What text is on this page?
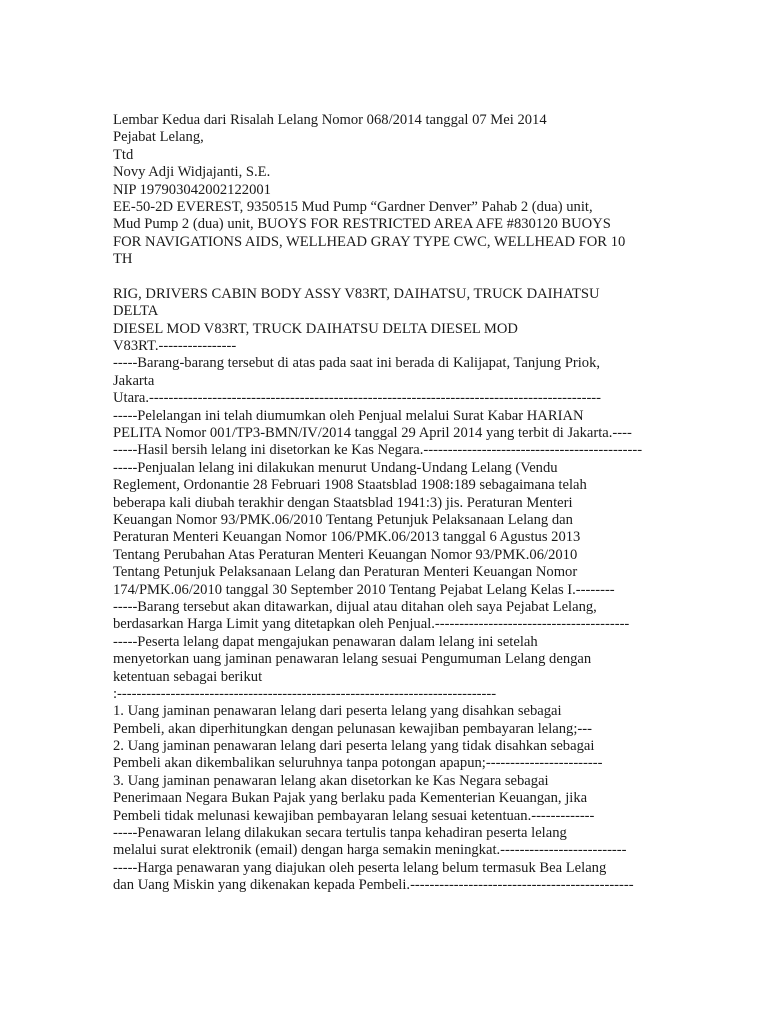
Lembar Kedua dari Risalah Lelang Nomor 068/2014 tanggal 07 Mei 2014
Pejabat Lelang,
Ttd
Novy Adji Widjajanti, S.E.
NIP 197903042002122001
EE-50-2D EVEREST, 9350515 Mud Pump “Gardner Denver” Pahab 2 (dua) unit,
Mud Pump 2 (dua) unit, BUOYS FOR RESTRICTED AREA AFE #830120 BUOYS
FOR NAVIGATIONS AIDS, WELLHEAD GRAY TYPE CWC, WELLHEAD FOR 10
TH
RIG, DRIVERS CABIN BODY ASSY V83RT, DAIHATSU, TRUCK DAIHATSU
DELTA
DIESEL MOD V83RT, TRUCK DAIHATSU DELTA DIESEL MOD
V83RT.----------------
-----Barang-barang tersebut di atas pada saat ini berada di Kalijapat, Tanjung Priok,
Jakarta
Utara.---------------------------------------------------------------------------------------------
-----Pelelangan ini telah diumumkan oleh Penjual melalui Surat Kabar HARIAN
PELITA Nomor 001/TP3-BMN/IV/2014 tanggal 29 April 2014 yang terbit di Jakarta.----
-----Hasil bersih lelang ini disetorkan ke Kas Negara.---------------------------------------------
-----Penjualan lelang ini dilakukan menurut Undang-Undang Lelang (Vendu
Reglement, Ordonantie 28 Februari 1908 Staatsblad 1908:189 sebagaimana telah
beberapa kali diubah terakhir dengan Staatsblad 1941:3) jis. Peraturan Menteri
Keuangan Nomor 93/PMK.06/2010 Tentang Petunjuk Pelaksanaan Lelang dan
Peraturan Menteri Keuangan Nomor 106/PMK.06/2013 tanggal 6 Agustus 2013
Tentang Perubahan Atas Peraturan Menteri Keuangan Nomor 93/PMK.06/2010
Tentang Petunjuk Pelaksanaan Lelang dan Peraturan Menteri Keuangan Nomor
174/PMK.06/2010 tanggal 30 September 2010 Tentang Pejabat Lelang Kelas I.--------
-----Barang tersebut akan ditawarkan, dijual atau ditahan oleh saya Pejabat Lelang,
berdasarkan Harga Limit yang ditetapkan oleh Penjual.----------------------------------------
-----Peserta lelang dapat mengajukan penawaran dalam lelang ini setelah
menyetorkan uang jaminan penawaran lelang sesuai Pengumuman Lelang dengan
ketentuan sebagai berikut
:------------------------------------------------------------------------------
1. Uang jaminan penawaran lelang dari peserta lelang yang disahkan sebagai
Pembeli, akan diperhitungkan dengan pelunasan kewajiban pembayaran lelang;---
2. Uang jaminan penawaran lelang dari peserta lelang yang tidak disahkan sebagai
Pembeli akan dikembalikan seluruhnya tanpa potongan apapun;------------------------
3. Uang jaminan penawaran lelang akan disetorkan ke Kas Negara sebagai
Penerimaan Negara Bukan Pajak yang berlaku pada Kementerian Keuangan, jika
Pembeli tidak melunasi kewajiban pembayaran lelang sesuai ketentuan.-------------
-----Penawaran lelang dilakukan secara tertulis tanpa kehadiran peserta lelang
melalui surat elektronik (email) dengan harga semakin meningkat.--------------------------
-----Harga penawaran yang diajukan oleh peserta lelang belum termasuk Bea Lelang
dan Uang Miskin yang dikenakan kepada Pembeli.----------------------------------------------
